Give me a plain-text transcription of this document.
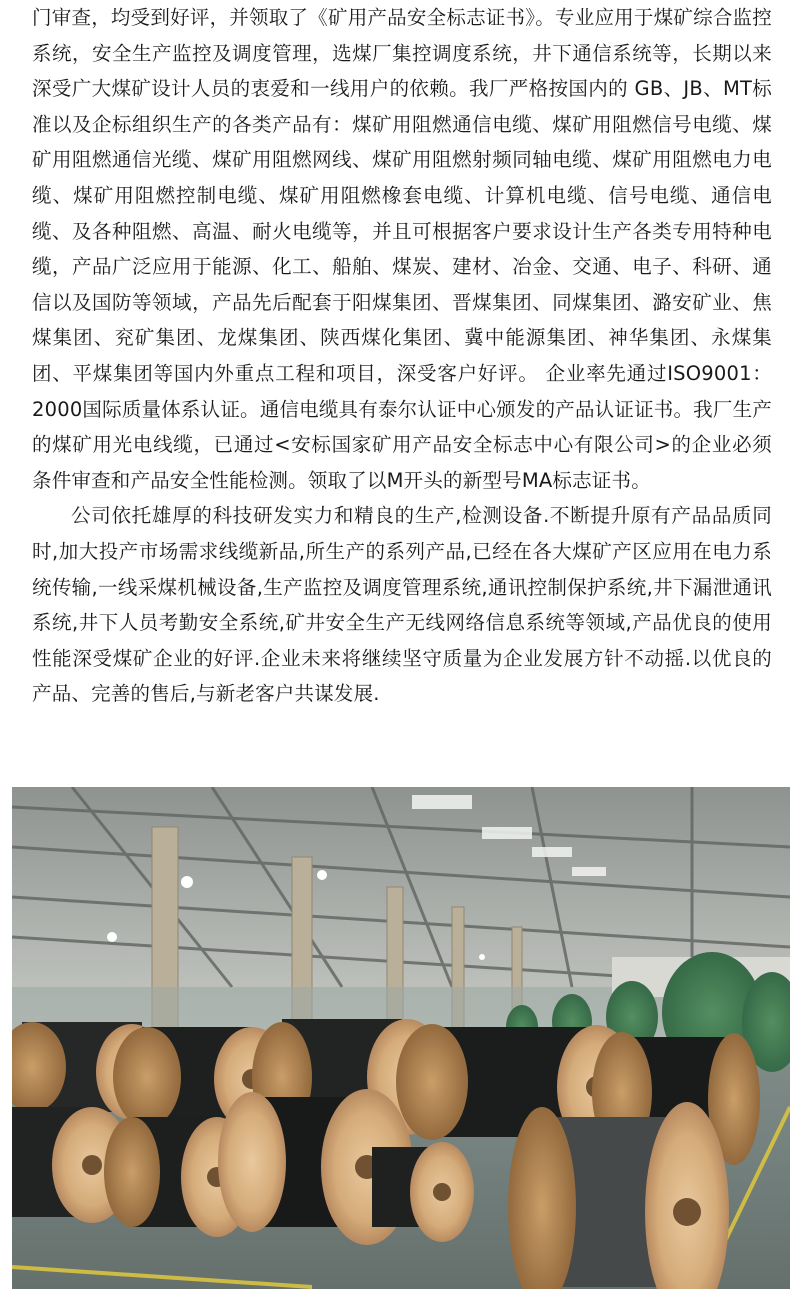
门审查，均受到好评，并领取了《矿用产品安全标志证书》。专业应用于煤矿综合监控系统，安全生产监控及调度管理，选煤厂集控调度系统，井下通信系统等，长期以来深受广大煤矿设计人员的衷爱和一线用户的依赖。我厂严格按国内的 GB、JB、MT标准以及企标组织生产的各类产品有：煤矿用阻燃通信电缆、煤矿用阻燃信号电缆、煤矿用阻燃通信光缆、煤矿用阻燃网线、煤矿用阻燃射频同轴电缆、煤矿用阻燃电力电缆、煤矿用阻燃控制电缆、煤矿用阻燃橡套电缆、计算机电缆、信号电缆、通信电缆、及各种阻燃、高温、耐火电缆等，并且可根据客户要求设计生产各类专用特种电缆，产品广泛应用于能源、化工、船舶、煤炭、建材、冶金、交通、电子、科研、通信以及国防等领域，产品先后配套于阳煤集团、晋煤集团、同煤集团、潞安矿业、焦煤集团、兖矿集团、龙煤集团、陕西煤化集团、冀中能源集团、神华集团、永煤集团、平煤集团等国内外重点工程和项目，深受客户好评。 企业率先通过ISO9001：2000国际质量体系认证。通信电缆具有泰尔认证中心颁发的产品认证证书。我厂生产的煤矿用光电线缆，已通过<安标国家矿用产品安全标志中心有限公司>的企业必须条件审查和产品安全性能检测。领取了以M开头的新型号MA标志证书。

公司依托雄厚的科技研发实力和精良的生产,检测设备.不断提升原有产品品质同时,加大投产市场需求线缆新品,所生产的系列产品,已经在各大煤矿产区应用在电力系统传输,一线采煤机械设备,生产监控及调度管理系统,通讯控制保护系统,井下漏泄通讯系统,井下人员考勤安全系统,矿井安全生产无线网络信息系统等领域,产品优良的使用性能深受煤矿企业的好评.企业未来将继续坚守质量为企业发展方针不动摇.以优良的产品、完善的售后,与新老客户共谋发展.
